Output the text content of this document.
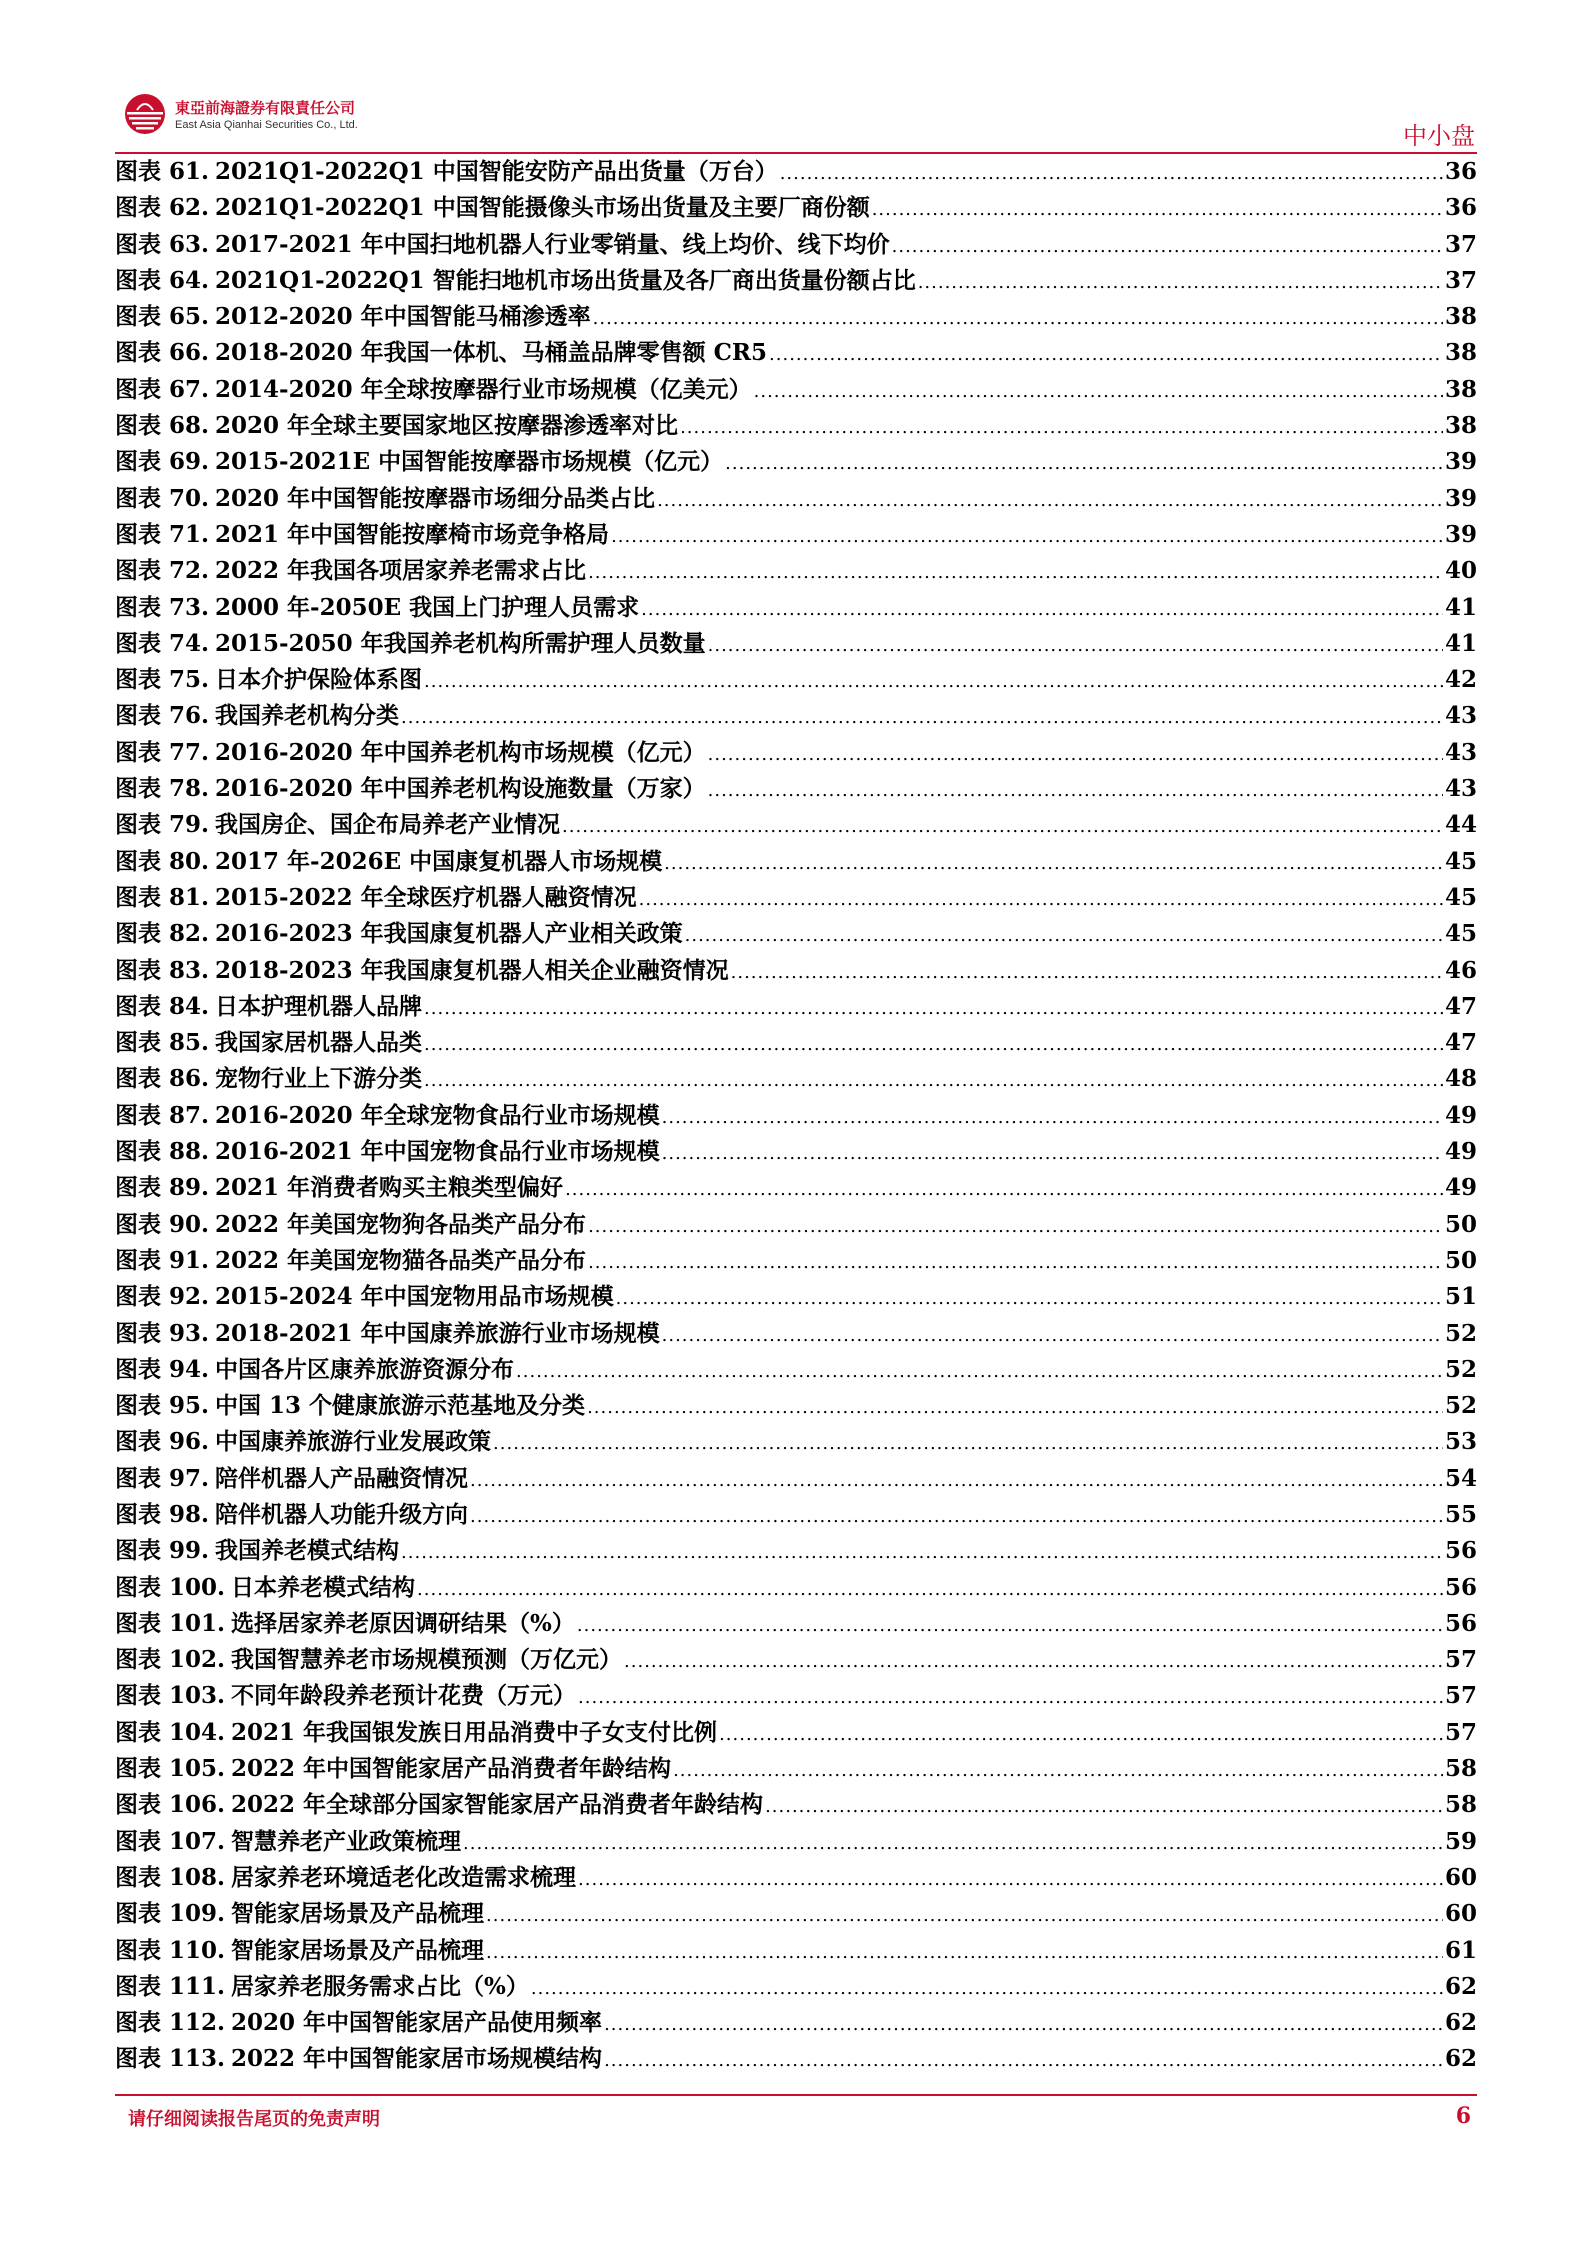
東亞前海證券有限責任公司
East Asia Qianhai Securities Co., Ltd.	中小盘
图表 61. 2021Q1-2022Q1 中国智能安防产品出货量（万台） .....	36
图表 62. 2021Q1-2022Q1 中国智能摄像头市场出货量及主要厂商份额 .....	36
图表 63. 2017-2021 年中国扫地机器人行业零销量、线上均价、线下均价 .....	37
图表 64. 2021Q1-2022Q1 智能扫地机市场出货量及各厂商出货量份额占比 .....	37
图表 65. 2012-2020 年中国智能马桶渗透率 .....	38
图表 66. 2018-2020 年我国一体机、马桶盖品牌零售额 CR5 .....	38
图表 67. 2014-2020 年全球按摩器行业市场规模（亿美元） .....	38
图表 68. 2020 年全球主要国家地区按摩器渗透率对比 .....	38
图表 69. 2015-2021E 中国智能按摩器市场规模（亿元） .....	39
图表 70. 2020 年中国智能按摩器市场细分品类占比 .....	39
图表 71. 2021 年中国智能按摩椅市场竞争格局 .....	39
图表 72. 2022 年我国各项居家养老需求占比 .....	40
图表 73. 2000 年-2050E 我国上门护理人员需求 .....	41
图表 74. 2015-2050 年我国养老机构所需护理人员数量 .....	41
图表 75. 日本介护保险体系图 .....	42
图表 76. 我国养老机构分类 .....	43
图表 77. 2016-2020 年中国养老机构市场规模（亿元） .....	43
图表 78. 2016-2020 年中国养老机构设施数量（万家） .....	43
图表 79. 我国房企、国企布局养老产业情况 .....	44
图表 80. 2017 年-2026E 中国康复机器人市场规模 .....	45
图表 81. 2015-2022 年全球医疗机器人融资情况 .....	45
图表 82. 2016-2023 年我国康复机器人产业相关政策 .....	45
图表 83. 2018-2023 年我国康复机器人相关企业融资情况 .....	46
图表 84. 日本护理机器人品牌 .....	47
图表 85. 我国家居机器人品类 .....	47
图表 86. 宠物行业上下游分类 .....	48
图表 87. 2016-2020 年全球宠物食品行业市场规模 .....	49
图表 88. 2016-2021 年中国宠物食品行业市场规模 .....	49
图表 89. 2021 年消费者购买主粮类型偏好 .....	49
图表 90. 2022 年美国宠物狗各品类产品分布 .....	50
图表 91. 2022 年美国宠物猫各品类产品分布 .....	50
图表 92. 2015-2024 年中国宠物用品市场规模 .....	51
图表 93. 2018-2021 年中国康养旅游行业市场规模 .....	52
图表 94. 中国各片区康养旅游资源分布 .....	52
图表 95. 中国 13 个健康旅游示范基地及分类 .....	52
图表 96. 中国康养旅游行业发展政策 .....	53
图表 97. 陪伴机器人产品融资情况 .....	54
图表 98. 陪伴机器人功能升级方向 .....	55
图表 99. 我国养老模式结构 .....	56
图表 100. 日本养老模式结构 .....	56
图表 101. 选择居家养老原因调研结果（%） .....	56
图表 102. 我国智慧养老市场规模预测（万亿元） .....	57
图表 103. 不同年龄段养老预计花费（万元） .....	57
图表 104. 2021 年我国银发族日用品消费中子女支付比例 .....	57
图表 105. 2022 年中国智能家居产品消费者年龄结构 .....	58
图表 106. 2022 年全球部分国家智能家居产品消费者年龄结构 .....	58
图表 107. 智慧养老产业政策梳理 .....	59
图表 108. 居家养老环境适老化改造需求梳理 .....	60
图表 109. 智能家居场景及产品梳理 .....	60
图表 110. 智能家居场景及产品梳理 .....	61
图表 111. 居家养老服务需求占比（%） .....	62
图表 112. 2020 年中国智能家居产品使用频率 .....	62
图表 113. 2022 年中国智能家居市场规模结构 .....	62
请仔细阅读报告尾页的免责声明	6
